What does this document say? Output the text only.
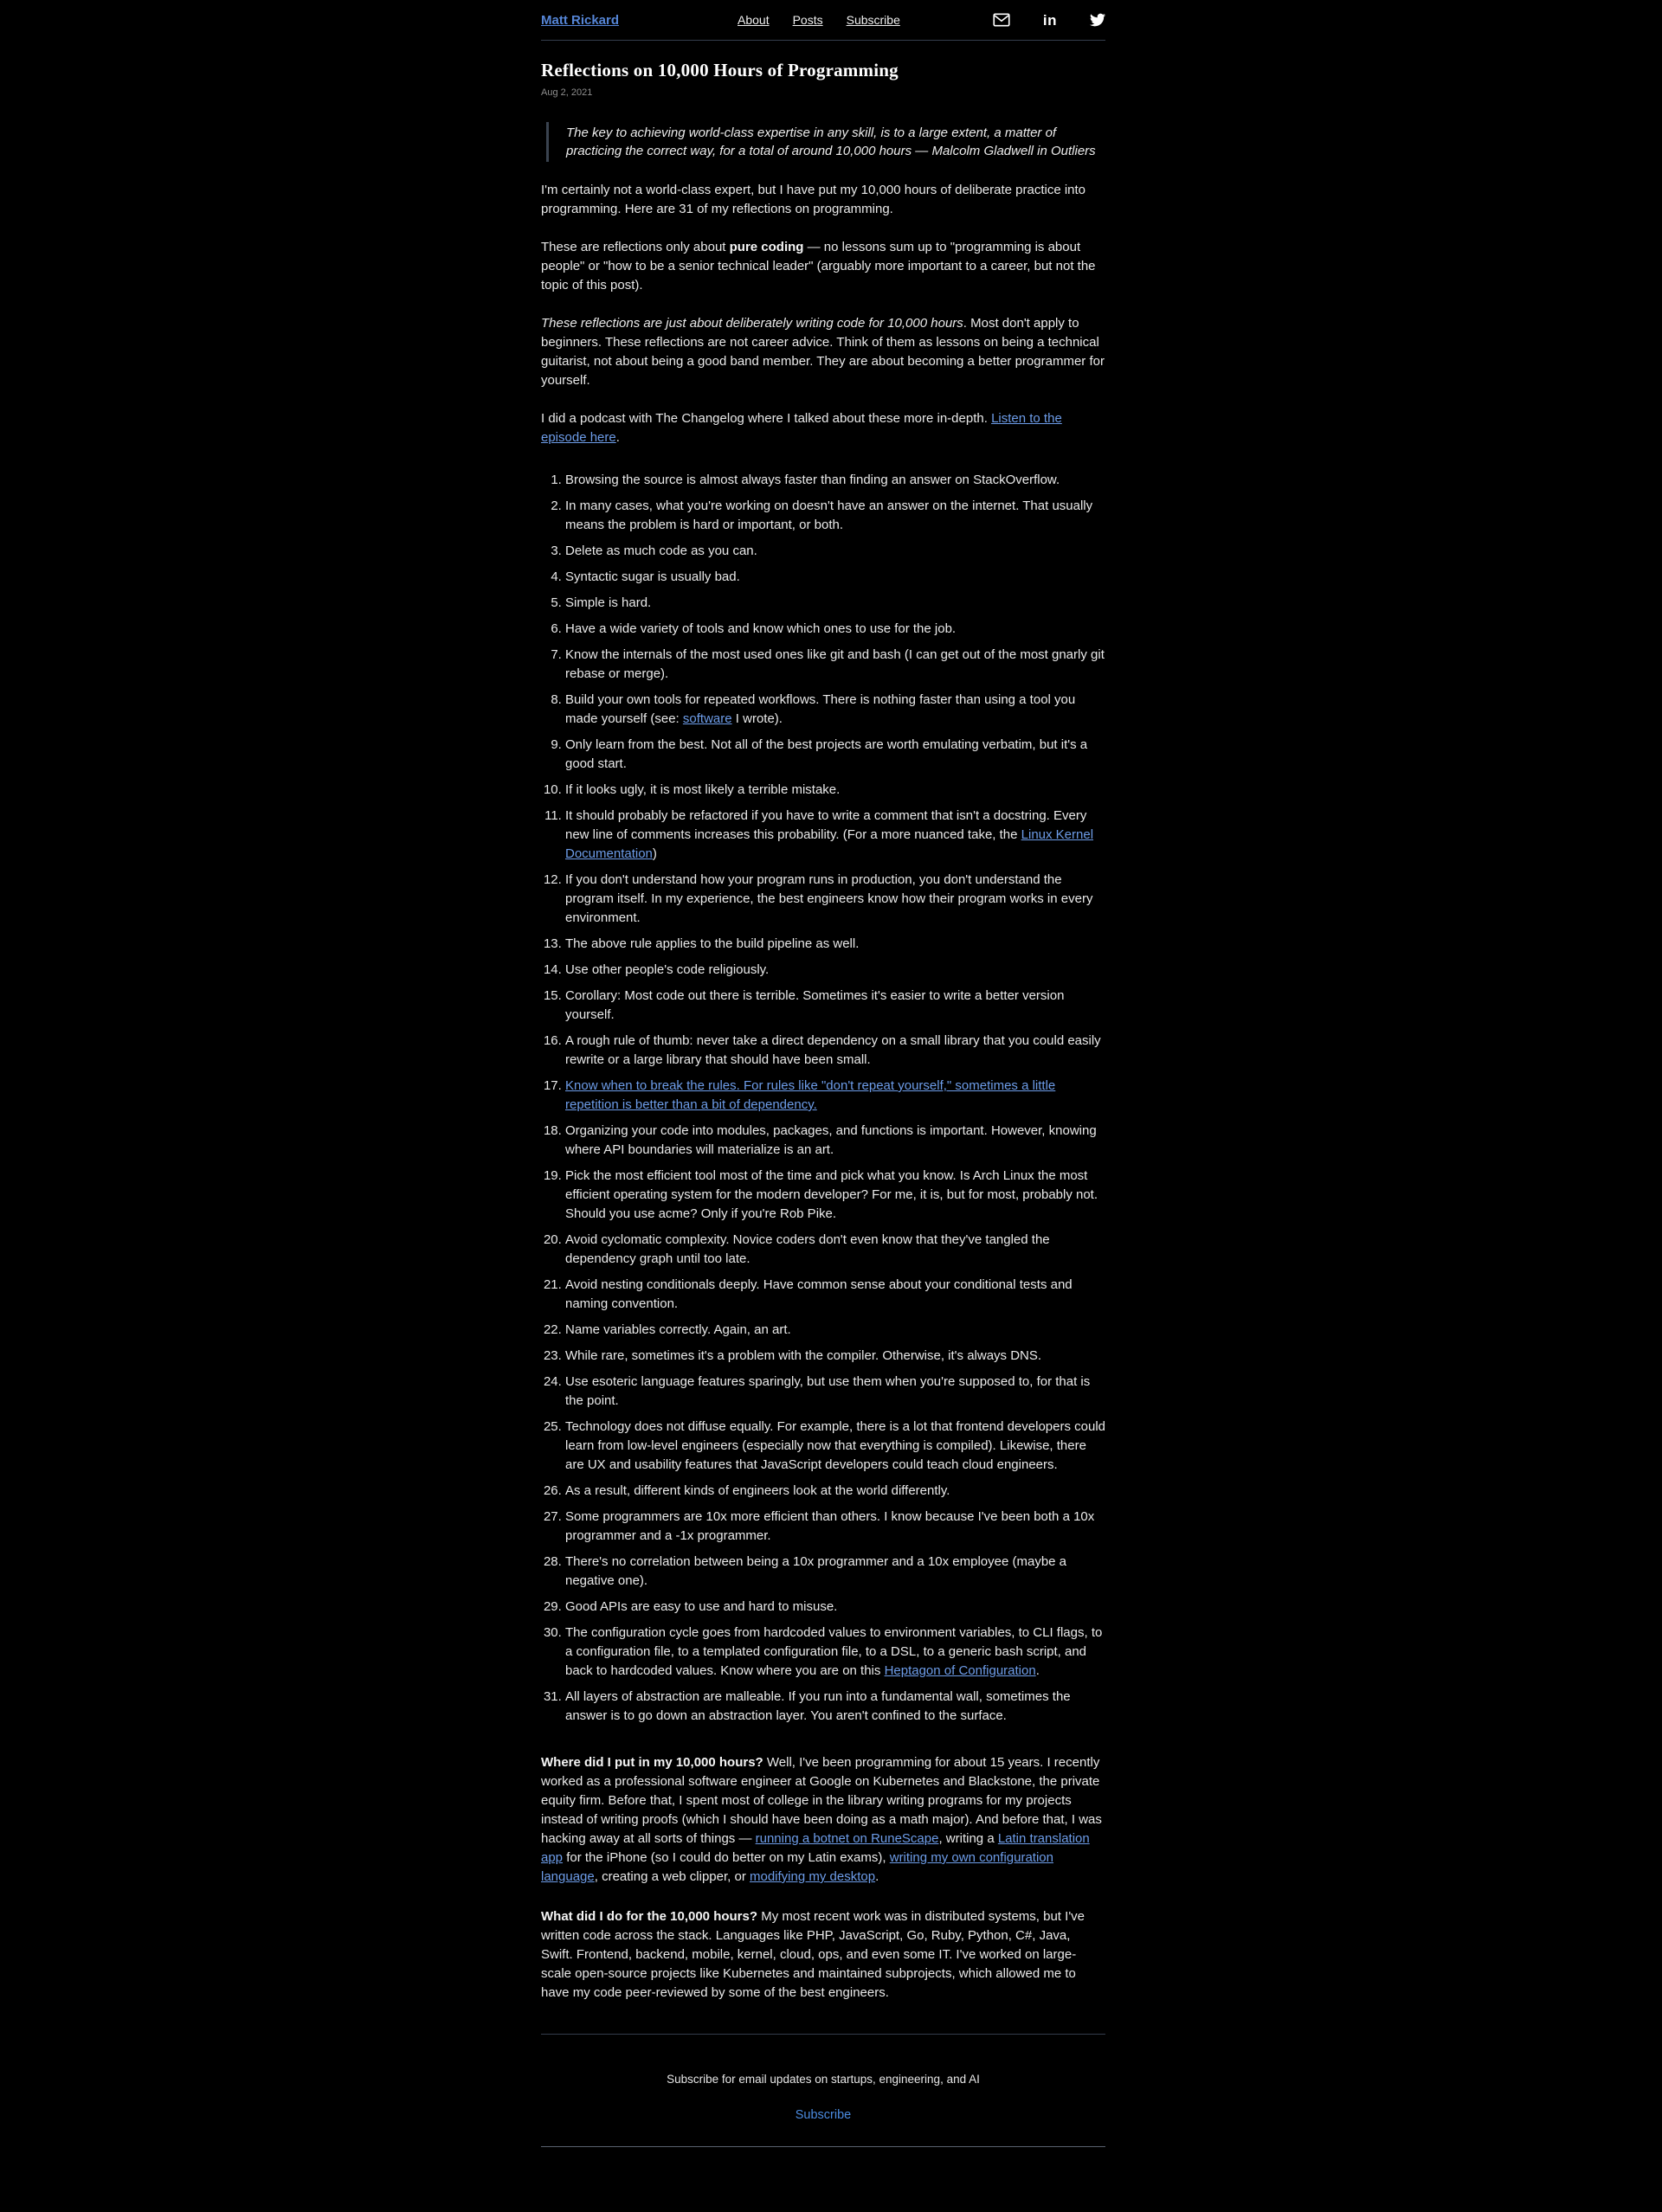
Matt Rickard	About Posts Subscribe	in
Reflections on 10,000 Hours of Programming
Aug 2, 2021
The key to achieving world-class expertise in any skill, is to a large extent, a matter of practicing the correct way, for a total of around 10,000 hours — Malcolm Gladwell in Outliers

I'm certainly not a world-class expert, but I have put my 10,000 hours of deliberate practice into programming. Here are 31 of my reflections on programming.

These are reflections only about pure coding — no lessons sum up to "programming is about people" or "how to be a senior technical leader" (arguably more important to a career, but not the topic of this post).

These reflections are just about deliberately writing code for 10,000 hours. Most don't apply to beginners. These reflections are not career advice. Think of them as lessons on being a technical guitarist, not about being a good band member. They are about becoming a better programmer for yourself.

I did a podcast with The Changelog where I talked about these more in-depth. Listen to the episode here.

1. Browsing the source is almost always faster than finding an answer on StackOverflow.
2. In many cases, what you're working on doesn't have an answer on the internet. That usually means the problem is hard or important, or both.
3. Delete as much code as you can.
4. Syntactic sugar is usually bad.
5. Simple is hard.
6. Have a wide variety of tools and know which ones to use for the job.
7. Know the internals of the most used ones like git and bash (I can get out of the most gnarly git rebase or merge).
8. Build your own tools for repeated workflows. There is nothing faster than using a tool you made yourself (see: software I wrote).
9. Only learn from the best. Not all of the best projects are worth emulating verbatim, but it's a good start.
10. If it looks ugly, it is most likely a terrible mistake.
11. It should probably be refactored if you have to write a comment that isn't a docstring. Every new line of comments increases this probability. (For a more nuanced take, the Linux Kernel Documentation)
12. If you don't understand how your program runs in production, you don't understand the program itself. In my experience, the best engineers know how their program works in every environment.
13. The above rule applies to the build pipeline as well.
14. Use other people's code religiously.
15. Corollary: Most code out there is terrible. Sometimes it's easier to write a better version yourself.
16. A rough rule of thumb: never take a direct dependency on a small library that you could easily rewrite or a large library that should have been small.
17. Know when to break the rules. For rules like "don't repeat yourself," sometimes a little repetition is better than a bit of dependency.
18. Organizing your code into modules, packages, and functions is important. However, knowing where API boundaries will materialize is an art.
19. Pick the most efficient tool most of the time and pick what you know. Is Arch Linux the most efficient operating system for the modern developer? For me, it is, but for most, probably not. Should you use acme? Only if you're Rob Pike.
20. Avoid cyclomatic complexity. Novice coders don't even know that they've tangled the dependency graph until too late.
21. Avoid nesting conditionals deeply. Have common sense about your conditional tests and naming convention.
22. Name variables correctly. Again, an art.
23. While rare, sometimes it's a problem with the compiler. Otherwise, it's always DNS.
24. Use esoteric language features sparingly, but use them when you're supposed to, for that is the point.
25. Technology does not diffuse equally. For example, there is a lot that frontend developers could learn from low-level engineers (especially now that everything is compiled). Likewise, there are UX and usability features that JavaScript developers could teach cloud engineers.
26. As a result, different kinds of engineers look at the world differently.
27. Some programmers are 10x more efficient than others. I know because I've been both a 10x programmer and a -1x programmer.
28. There's no correlation between being a 10x programmer and a 10x employee (maybe a negative one).
29. Good APIs are easy to use and hard to misuse.
30. The configuration cycle goes from hardcoded values to environment variables, to CLI flags, to a configuration file, to a templated configuration file, to a DSL, to a generic bash script, and back to hardcoded values. Know where you are on this Heptagon of Configuration.
31. All layers of abstraction are malleable. If you run into a fundamental wall, sometimes the answer is to go down an abstraction layer. You aren't confined to the surface.

Where did I put in my 10,000 hours? Well, I've been programming for about 15 years. I recently worked as a professional software engineer at Google on Kubernetes and Blackstone, the private equity firm. Before that, I spent most of college in the library writing programs for my projects instead of writing proofs (which I should have been doing as a math major). And before that, I was hacking away at all sorts of things — running a botnet on RuneScape, writing a Latin translation app for the iPhone (so I could do better on my Latin exams), writing my own configuration language, creating a web clipper, or modifying my desktop.

What did I do for the 10,000 hours? My most recent work was in distributed systems, but I've written code across the stack. Languages like PHP, JavaScript, Go, Ruby, Python, C#, Java, Swift. Frontend, backend, mobile, kernel, cloud, ops, and even some IT. I've worked on large-scale open-source projects like Kubernetes and maintained subprojects, which allowed me to have my code peer-reviewed by some of the best engineers.

Subscribe for email updates on startups, engineering, and AI
Subscribe
